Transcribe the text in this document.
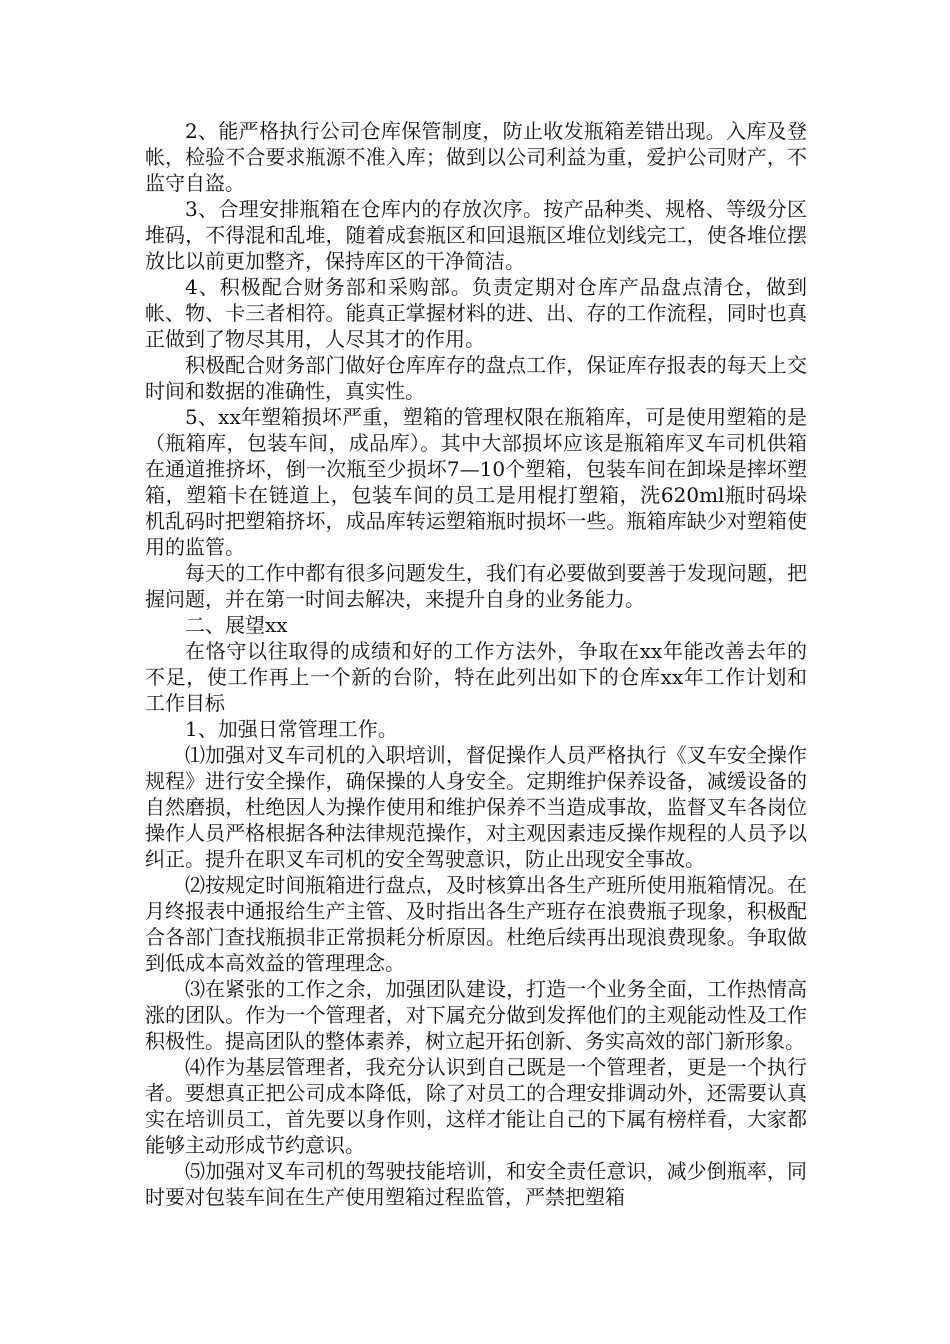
2、能严格执行公司仓库保管制度，防止收发瓶箱差错出现。入库及登帐，检验不合要求瓶源不准入库；做到以公司利益为重，爱护公司财产，不监守自盗。

3、合理安排瓶箱在仓库内的存放次序。按产品种类、规格、等级分区堆码，不得混和乱堆，随着成套瓶区和回退瓶区堆位划线完工，使各堆位摆放比以前更加整齐，保持库区的干净简洁。

4、积极配合财务部和采购部。负责定期对仓库产品盘点清仓，做到帐、物、卡三者相符。能真正掌握材料的进、出、存的工作流程，同时也真正做到了物尽其用，人尽其才的作用。

积极配合财务部门做好仓库库存的盘点工作，保证库存报表的每天上交时间和数据的准确性，真实性。

5、xx年塑箱损坏严重，塑箱的管理权限在瓶箱库，可是使用塑箱的是（瓶箱库，包装车间，成品库）。其中大部损坏应该是瓶箱库叉车司机供箱在通道推挤坏，倒一次瓶至少损坏7—10个塑箱，包装车间在卸垛是摔坏塑箱，塑箱卡在链道上，包装车间的员工是用棍打塑箱，洗620ml瓶时码垛机乱码时把塑箱挤坏，成品库转运塑箱瓶时损坏一些。瓶箱库缺少对塑箱使用的监管。

每天的工作中都有很多问题发生，我们有必要做到要善于发现问题，把握问题，并在第一时间去解决，来提升自身的业务能力。

二、展望xx

在恪守以往取得的成绩和好的工作方法外，争取在xx年能改善去年的不足，使工作再上一个新的台阶，特在此列出如下的仓库xx年工作计划和工作目标

1、加强日常管理工作。

⑴加强对叉车司机的入职培训，督促操作人员严格执行《叉车安全操作规程》进行安全操作，确保操的人身安全。定期维护保养设备，减缓设备的自然磨损，杜绝因人为操作使用和维护保养不当造成事故，监督叉车各岗位操作人员严格根据各种法律规范操作，对主观因素违反操作规程的人员予以纠正。提升在职叉车司机的安全驾驶意识，防止出现安全事故。

⑵按规定时间瓶箱进行盘点，及时核算出各生产班所使用瓶箱情况。在月终报表中通报给生产主管、及时指出各生产班存在浪费瓶子现象，积极配合各部门查找瓶损非正常损耗分析原因。杜绝后续再出现浪费现象。争取做到低成本高效益的管理理念。

⑶在紧张的工作之余，加强团队建设，打造一个业务全面，工作热情高涨的团队。作为一个管理者，对下属充分做到发挥他们的主观能动性及工作积极性。提高团队的整体素养，树立起开拓创新、务实高效的部门新形象。

⑷作为基层管理者，我充分认识到自己既是一个管理者，更是一个执行者。要想真正把公司成本降低，除了对员工的合理安排调动外，还需要认真实在培训员工，首先要以身作则，这样才能让自己的下属有榜样看，大家都能够主动形成节约意识。

⑸加强对叉车司机的驾驶技能培训，和安全责任意识，减少倒瓶率，同时要对包装车间在生产使用塑箱过程监管，严禁把塑箱
